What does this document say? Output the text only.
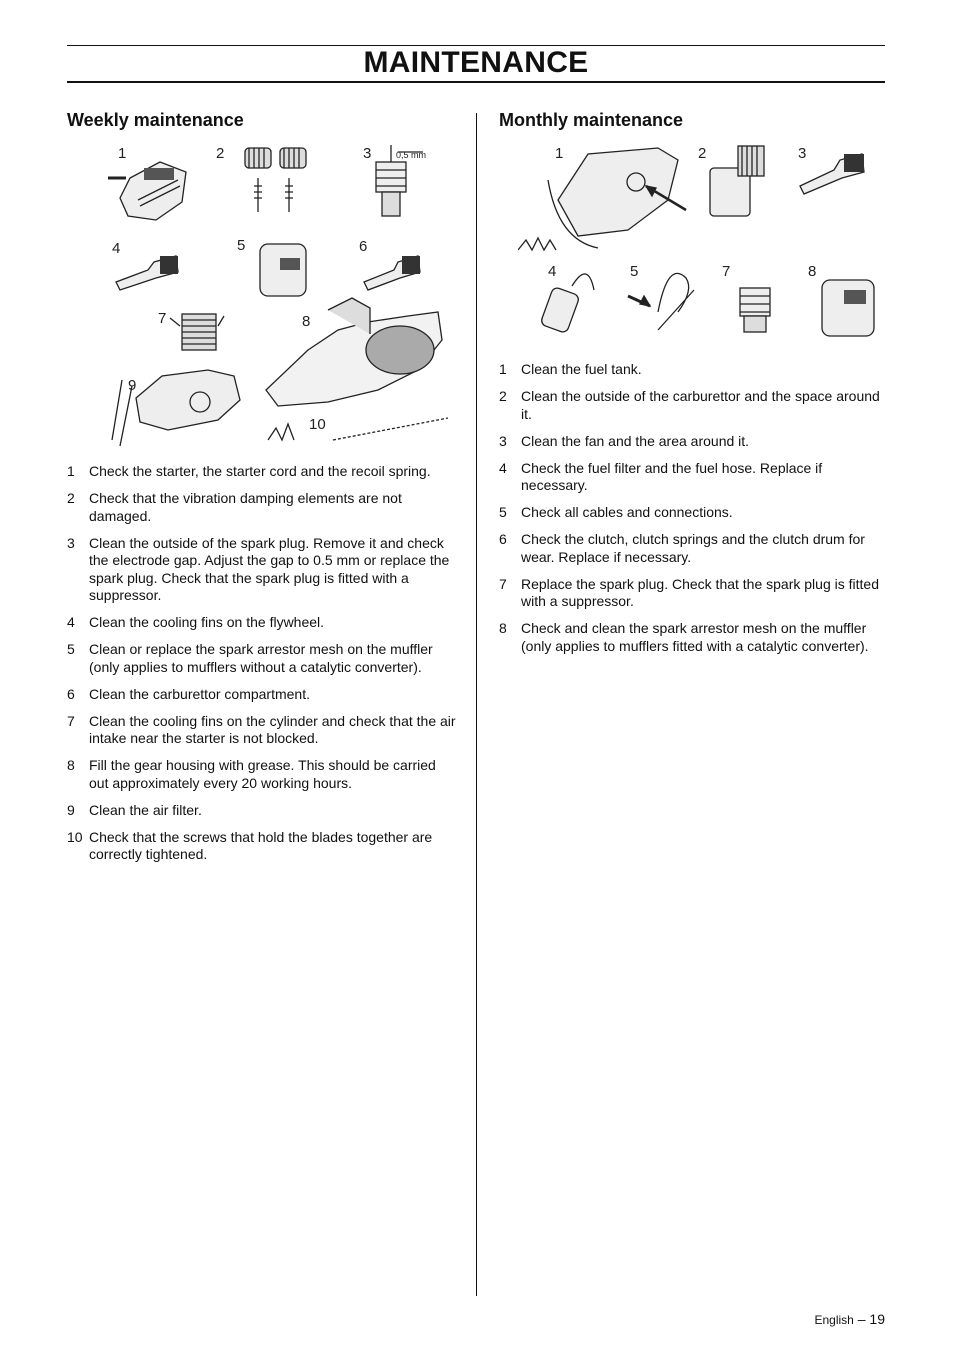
MAINTENANCE
Weekly maintenance
1	2	3
4	5	6
7	8
9
10
0,5 mm
1 Check the starter, the starter cord and the recoil spring.
2 Check that the vibration damping elements are not damaged.
3 Clean the outside of the spark plug. Remove it and check the electrode gap. Adjust the gap to 0.5 mm or replace the spark plug. Check that the spark plug is fitted with a suppressor.
4 Clean the cooling fins on the flywheel.
5 Clean or replace the spark arrestor mesh on the muffler (only applies to mufflers without a catalytic converter).
6 Clean the carburettor compartment.
7 Clean the cooling fins on the cylinder and check that the air intake near the starter is not blocked.
8 Fill the gear housing with grease. This should be carried out approximately every 20 working hours.
9 Clean the air filter.
10 Check that the screws that hold the blades together are correctly tightened.
Monthly maintenance
1	2	3
4	5	7	8
1 Clean the fuel tank.
2 Clean the outside of the carburettor and the space around it.
3 Clean the fan and the area around it.
4 Check the fuel filter and the fuel hose. Replace if necessary.
5 Check all cables and connections.
6 Check the clutch, clutch springs and the clutch drum for wear. Replace if necessary.
7 Replace the spark plug. Check that the spark plug is fitted with a suppressor.
8 Check and clean the spark arrestor mesh on the muffler (only applies to mufflers fitted with a catalytic converter).
English – 19
